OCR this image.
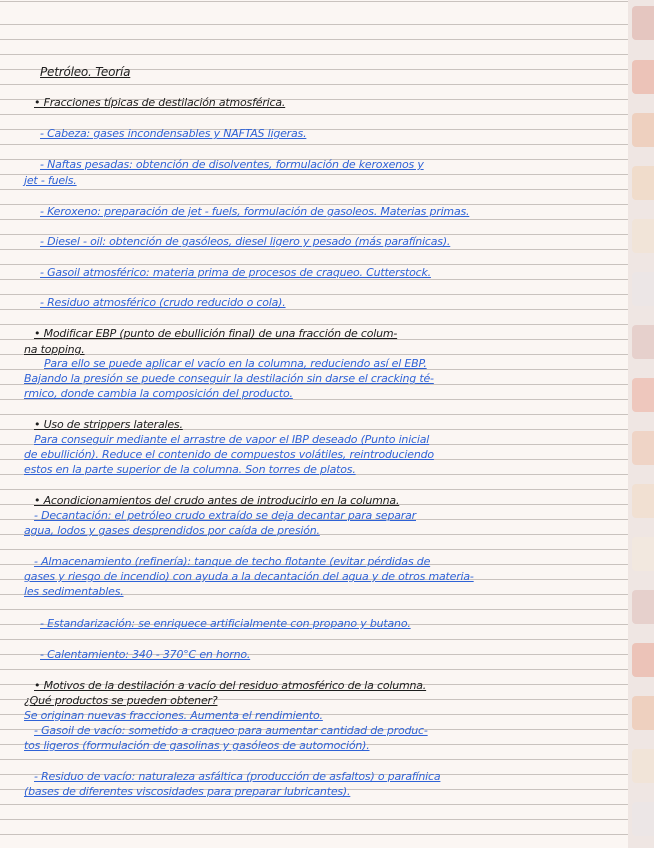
Petróleo. Teoría
• Fracciones típicas de destilación atmosférica.
- Cabeza: gases incondensables y NAFTAS ligeras.
- Naftas pesadas: obtención de disolventes, formulación de keroxenos y
jet - fuels.
- Keroxeno: preparación de jet - fuels, formulación de gasoleos. Materias primas.
- Diesel - oil: obtención de gasóleos, diesel ligero y pesado (más parafínicas).
- Gasoil atmosférico: materia prima de procesos de craqueo. Cutterstock.
- Residuo atmosférico (crudo reducido o cola).
• Modificar EBP (punto de ebullición final) de una fracción de colum-
na topping.
Para ello se puede aplicar el vacío en la columna, reduciendo así el EBP.
Bajando la presión se puede conseguir la destilación sin darse el cracking té-
rmico, donde cambia la composición del producto.
• Uso de strippers laterales.
Para conseguir mediante el arrastre de vapor el IBP deseado (Punto inicial
de ebullición). Reduce el contenido de compuestos volátiles, reintroduciendo
estos en la parte superior de la columna. Son torres de platos.
• Acondicionamientos del crudo antes de introducirlo en la columna.
- Decantación: el petróleo crudo extraído se deja decantar para separar
agua, lodos y gases desprendidos por caída de presión.
- Almacenamiento (refinería): tanque de techo flotante (evitar pérdidas de
gases y riesgo de incendio) con ayuda a la decantación del agua y de otros materia-
les sedimentables.
- Estandarización: se enriquece artificialmente con propano y butano.
- Calentamiento: 340 - 370°C en horno.
• Motivos de la destilación a vacío del residuo atmosférico de la columna.
¿Qué productos se pueden obtener?
Se originan nuevas fracciones. Aumenta el rendimiento.
- Gasoil de vacío: sometido a craqueo para aumentar cantidad de produc-
tos ligeros (formulación de gasolinas y gasóleos de automoción).
- Residuo de vacío: naturaleza asfáltica (producción de asfaltos) o parafínica
(bases de diferentes viscosidades para preparar lubricantes).
